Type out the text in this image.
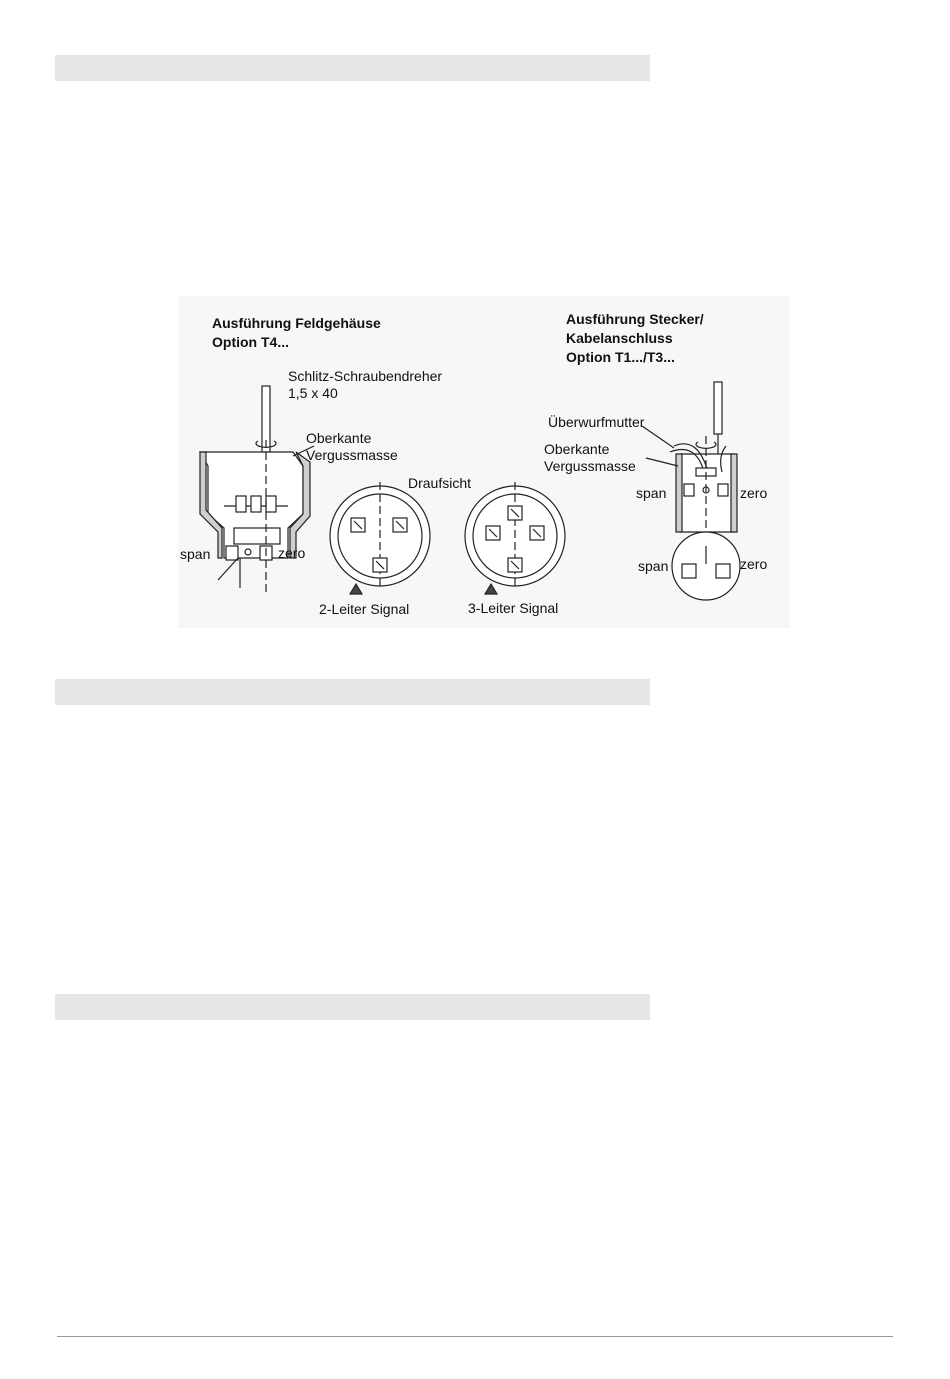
Ausführung Feldgehäuse
Option T4...
Ausführung Stecker/
Kabelanschluss
Option T1.../T3...
Schlitz-Schraubendreher
1,5 x 40
Oberkante
Vergussmasse
Überwurfmutter
Oberkante
Vergussmasse
Draufsicht
span	zero
span	zero
span	zero
2-Leiter Signal	3-Leiter Signal
